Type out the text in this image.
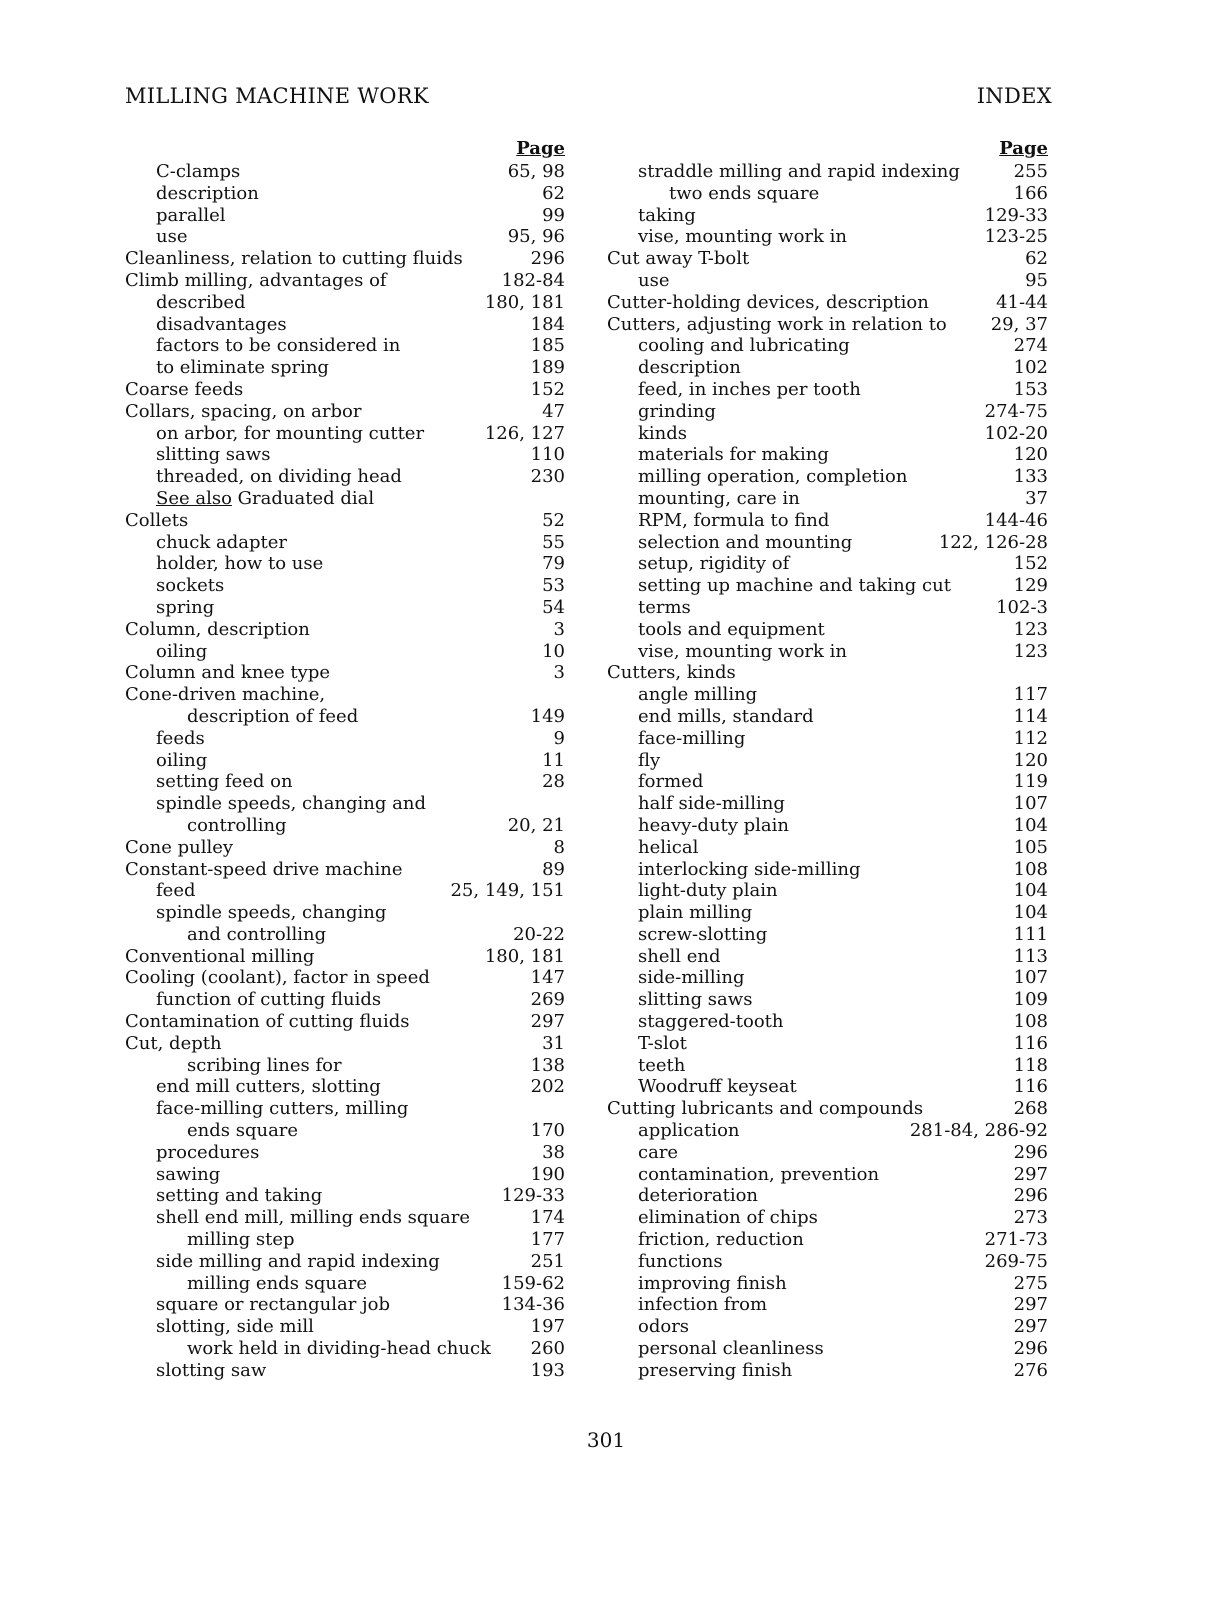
MILLING MACHINE WORK	INDEX
Page
C-clamps	65, 98
description	62
parallel	99
use	95, 96
Cleanliness, relation to cutting fluids	296
Climb milling, advantages of	182-84
described	180, 181
disadvantages	184
factors to be considered in	185
to eliminate spring	189
Coarse feeds	152
Collars, spacing, on arbor	47
on arbor, for mounting cutter	126, 127
slitting saws	110
threaded, on dividing head	230
See also Graduated dial
Collets	52
chuck adapter	55
holder, how to use	79
sockets	53
spring	54
Column, description	3
oiling	10
Column and knee type	3
Cone-driven machine,
description of feed	149
feeds	9
oiling	11
setting feed on	28
spindle speeds, changing and
controlling	20, 21
Cone pulley	8
Constant-speed drive machine	89
feed	25, 149, 151
spindle speeds, changing
and controlling	20-22
Conventional milling	180, 181
Cooling (coolant), factor in speed	147
function of cutting fluids	269
Contamination of cutting fluids	297
Cut, depth	31
scribing lines for	138
end mill cutters, slotting	202
face-milling cutters, milling
ends square	170
procedures	38
sawing	190
setting and taking	129-33
shell end mill, milling ends square	174
milling step	177
side milling and rapid indexing	251
milling ends square	159-62
square or rectangular job	134-36
slotting, side mill	197
work held in dividing-head chuck 260
slotting saw	193
Page
straddle milling and rapid indexing	255
two ends square	166
taking	129-33
vise, mounting work in	123-25
Cut away T-bolt	62
use	95
Cutter-holding devices, description	41-44
Cutters, adjusting work in relation to 29, 37
cooling and lubricating	274
description	102
feed, in inches per tooth	153
grinding	274-75
kinds	102-20
materials for making	120
milling operation, completion	133
mounting, care in	37
RPM, formula to find	144-46
selection and mounting	122, 126-28
setup, rigidity of	152
setting up machine and taking cut	129
terms	102-3
tools and equipment	123
vise, mounting work in	123
Cutters, kinds
angle milling	117
end mills, standard	114
face-milling	112
fly	120
formed	119
half side-milling	107
heavy-duty plain	104
helical	105
interlocking side-milling	108
light-duty plain	104
plain milling	104
screw-slotting	111
shell end	113
side-milling	107
slitting saws	109
staggered-tooth	108
T-slot	116
teeth	118
Woodruff keyseat	116
Cutting lubricants and compounds	268
application	281-84, 286-92
care	296
contamination, prevention	297
deterioration	296
elimination of chips	273
friction, reduction	271-73
functions	269-75
improving finish	275
infection from	297
odors	297
personal cleanliness	296
preserving finish	276
301
